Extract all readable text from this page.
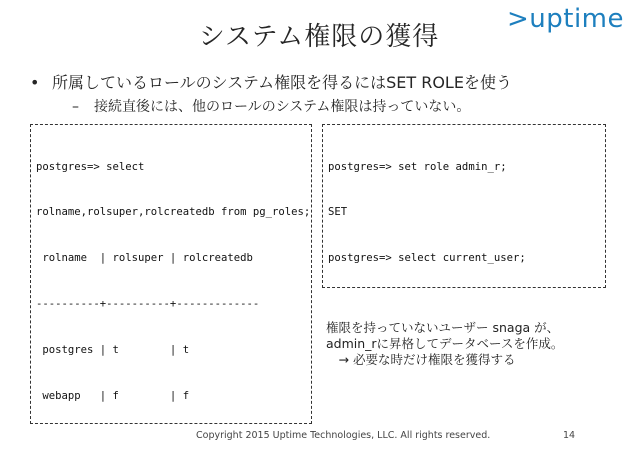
システム権限の獲得
>uptime
• 所属しているロールのシステム権限を得るにはSET ROLEを使う
– 接続直後には、他のロールのシステム権限は持っていない。

postgres=> select

rolname,rolsuper,rolcreatedb from pg_roles;

rolname  | rolsuper | rolcreatedb

----------+----------+-------------

postgres | t        | t

webapp   | f        | f

postgres=> set role admin_r;

SET

postgres=> select current_user;

権限を持っていないユーザー snaga が、
admin_rに昇格してデータベースを作成。
　→ 必要な時だけ権限を獲得する
Copyright 2015 Uptime Technologies, LLC. All rights reserved.	14
